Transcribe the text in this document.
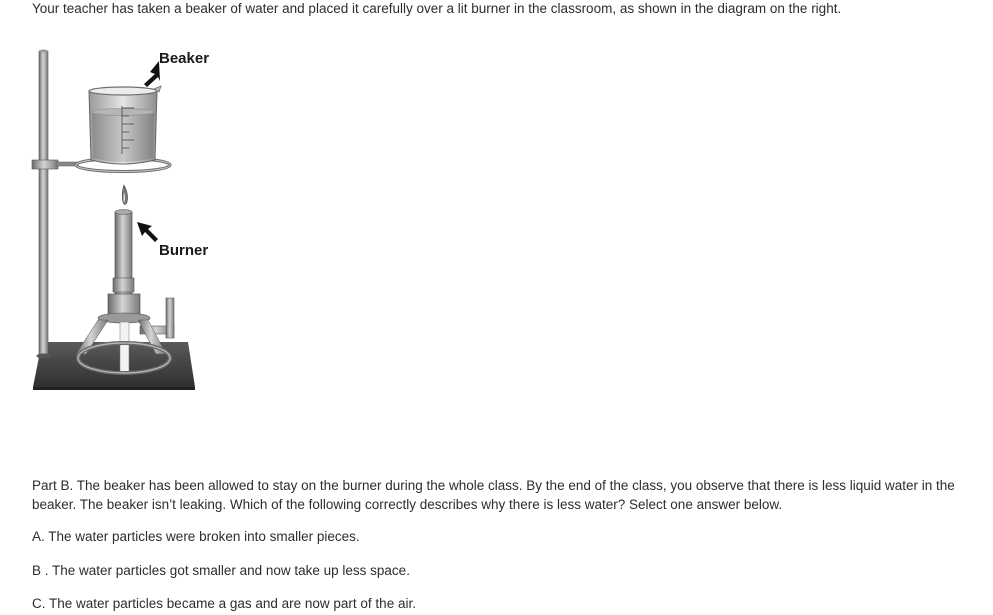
Your teacher has taken a beaker of water and placed it carefully over a lit burner in the classroom, as shown in the diagram on the right.
Beaker
Burner
Part B. The beaker has been allowed to stay on the burner during the whole class. By the end of the class, you observe that there is less liquid water in the beaker. The beaker isn’t leaking. Which of the following correctly describes why there is less water? Select one answer below.
A. The water particles were broken into smaller pieces.
B . The water particles got smaller and now take up less space.
C. The water particles became a gas and are now part of the air.
